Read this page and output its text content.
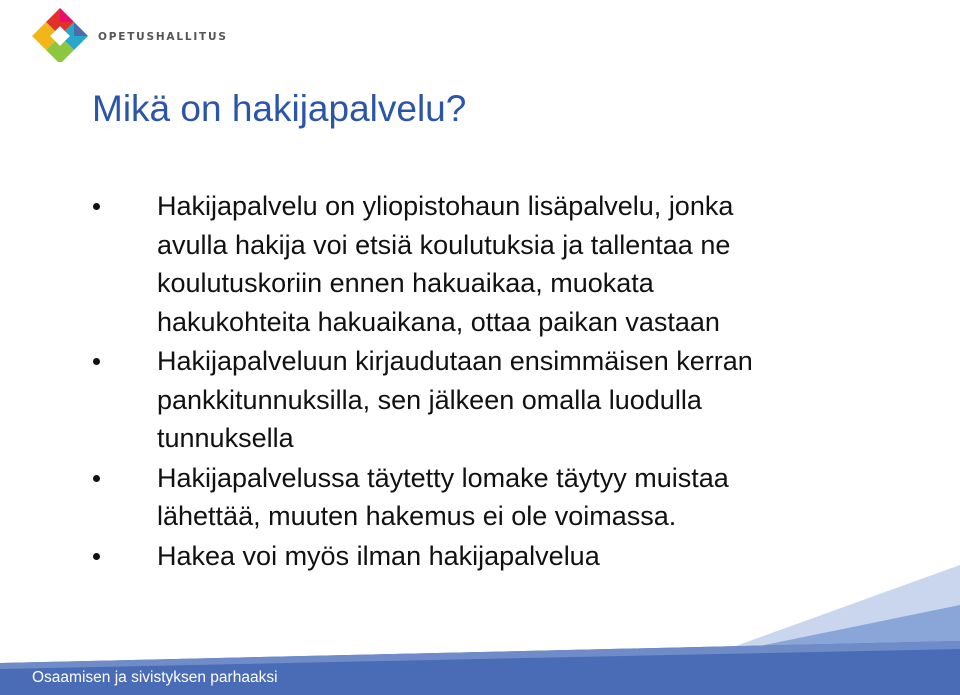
OPETUSHALLITUS
Mikä on hakijapalvelu?
Hakijapalvelu on yliopistohaun lisäpalvelu, jonka
avulla hakija voi etsiä koulutuksia ja tallentaa ne
koulutuskoriin ennen hakuaikaa, muokata
hakukohteita hakuaikana, ottaa paikan vastaan
Hakijapalveluun kirjaudutaan ensimmäisen kerran
pankkitunnuksilla, sen jälkeen omalla luodulla
tunnuksella
Hakijapalvelussa täytetty lomake täytyy muistaa
lähettää, muuten hakemus ei ole voimassa.
Hakea voi myös ilman hakijapalvelua
Osaamisen ja sivistyksen parhaaksi
